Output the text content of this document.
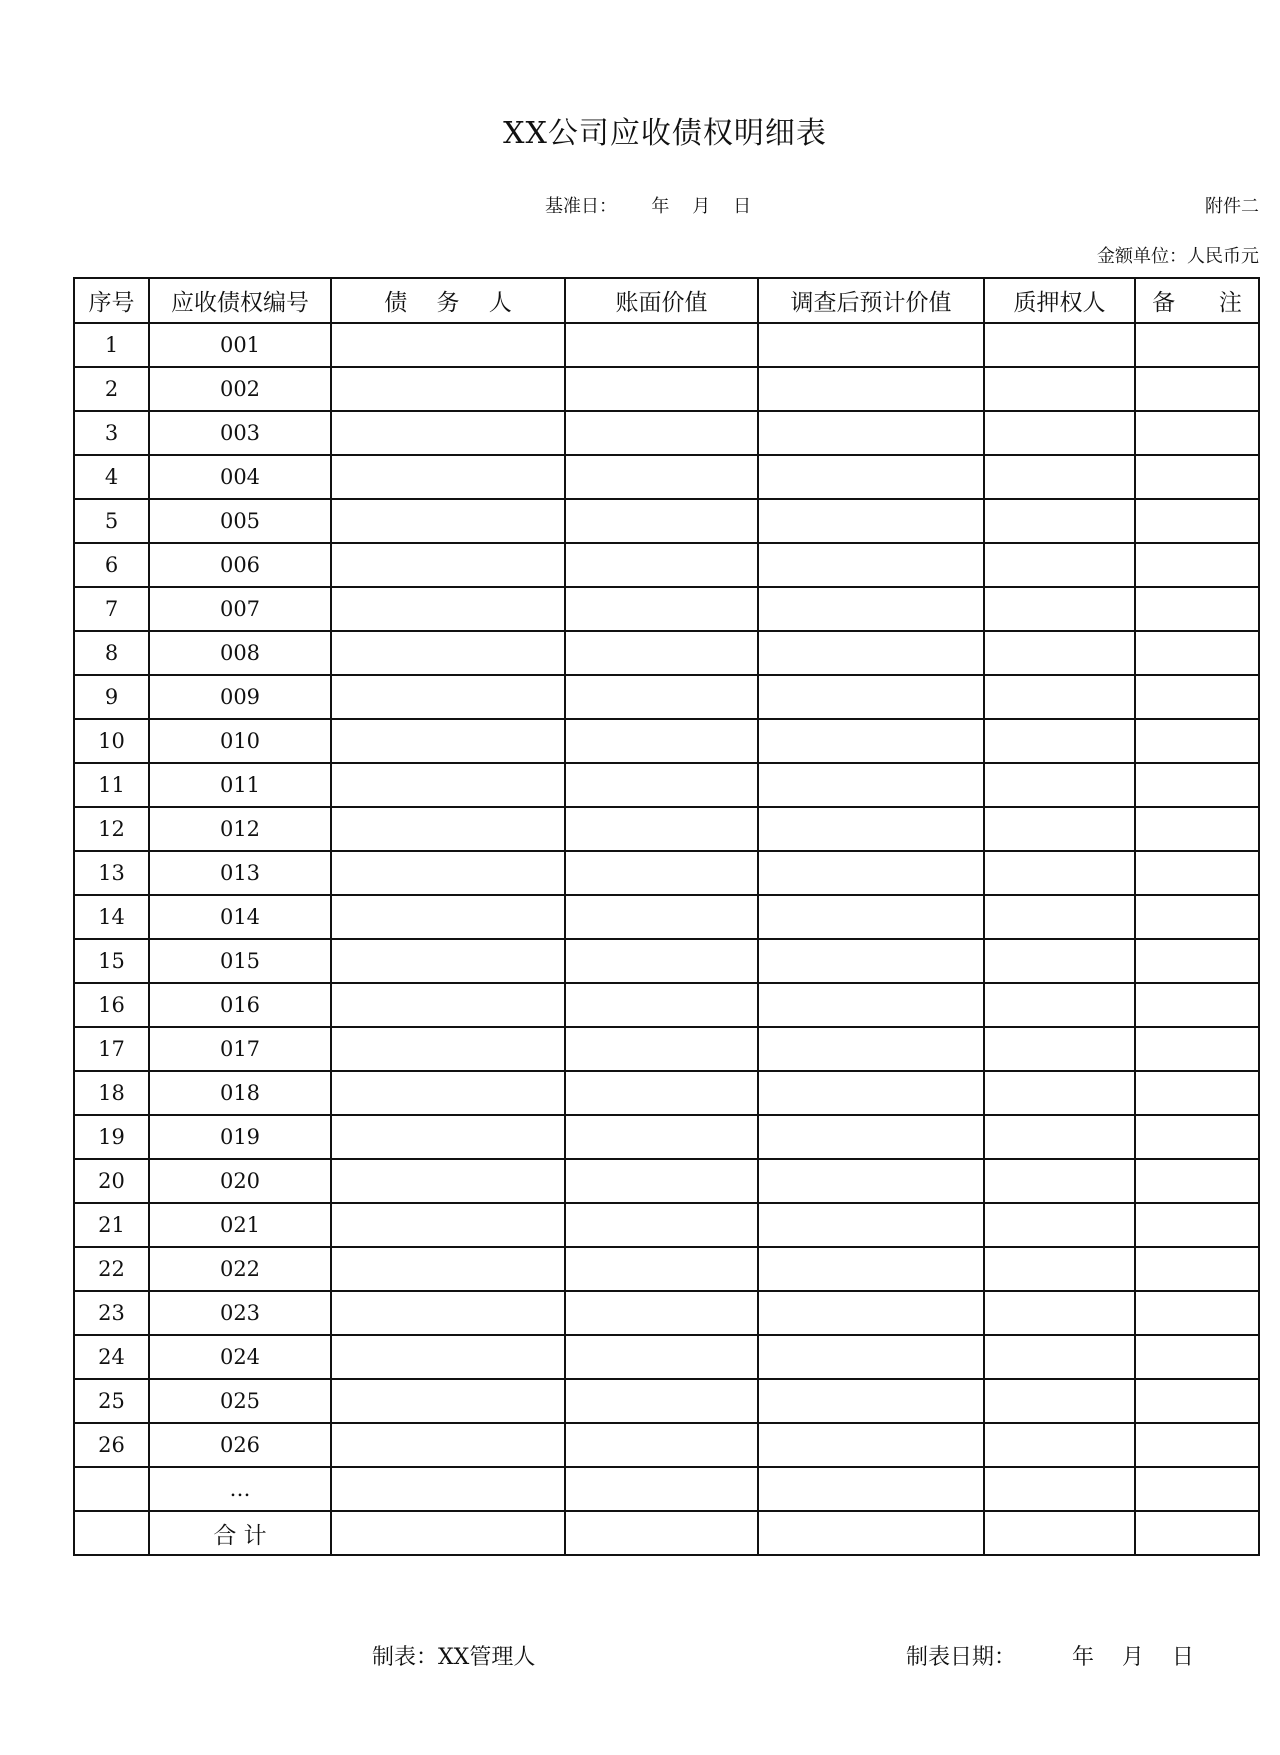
XX公司应收债权明细表
基准日：      年    月    日	附件二
金额单位：人民币元
序号	应收债权编号	债    务    人	账面价值	调查后预计价值	质押权人	备      注
1	001					
2	002					
3	003					
4	004					
5	005					
6	006					
7	007					
8	008					
9	009					
10	010					
11	011					
12	012					
13	013					
14	014					
15	015					
16	016					
17	017					
18	018					
19	019					
20	020					
21	021					
22	022					
23	023					
24	024					
25	025					
26	026					
	…					
	合 计					
制表：XX管理人	制表日期：        年    月    日
